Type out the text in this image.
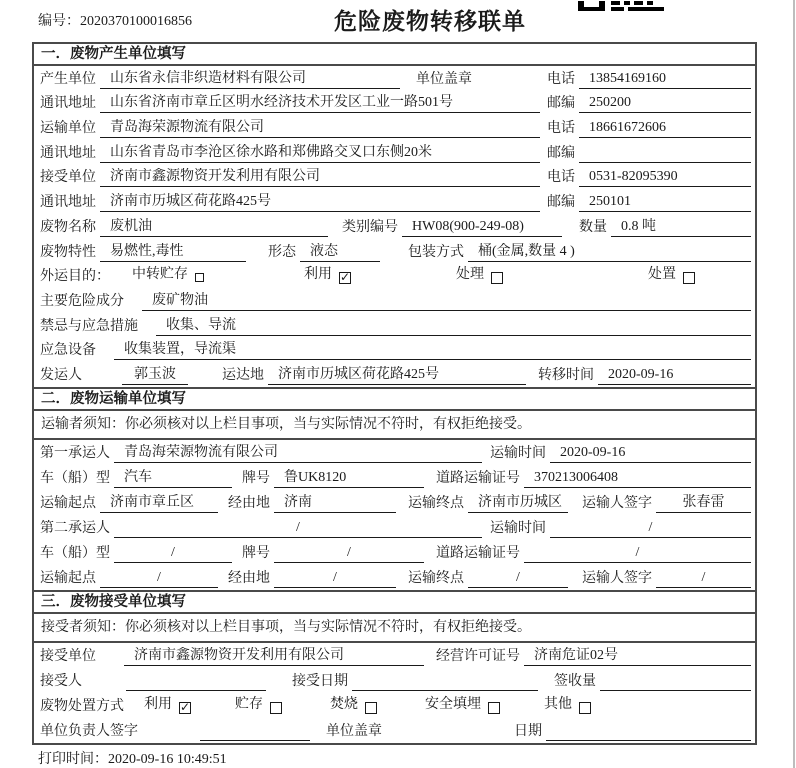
编号：2020370100016856	危险废物转移联单
一．废物产生单位填写
产生单位	山东省永信非织造材料有限公司	单位盖章	电话	13854169160
通讯地址	山东省济南市章丘区明水经济技术开发区工业一路501号	邮编	250200
运输单位	青岛海荣源物流有限公司	电话	18661672606
通讯地址	山东省青岛市李沧区徐水路和郑佛路交叉口东侧20米	邮编
接受单位	济南市鑫源物资开发利用有限公司	电话	0531-82095390
通讯地址	济南市历城区荷花路425号	邮编	250101
废物名称	废机油	类别编号	HW08(900-249-08)	数量	0.8 吨
废物特性	易燃性,毒性	形态	液态	包装方式	桶(金属,数量 4 )
外运目的：	中转贮存	利用 ✓	处理	处置
主要危险成分	废矿物油
禁忌与应急措施	收集、导流
应急设备	收集装置，导流渠
发运人	郭玉波	运达地	济南市历城区荷花路425号	转移时间	2020-09-16
二．废物运输单位填写
运输者须知：你必须核对以上栏目事项，当与实际情况不符时，有权拒绝接受。
第一承运人	青岛海荣源物流有限公司	运输时间	2020-09-16
车（船）型	汽车	牌号	鲁UK8120	道路运输证号	370213006408
运输起点	济南市章丘区	经由地	济南	运输终点	济南市历城区	运输人签字	张春雷
第二承运人	/	运输时间	/
车（船）型	/	牌号	/	道路运输证号	/
运输起点	/	经由地	/	运输终点	/	运输人签字	/
三．废物接受单位填写
接受者须知：你必须核对以上栏目事项，当与实际情况不符时，有权拒绝接受。
接受单位	济南市鑫源物资开发利用有限公司	经营许可证号	济南危证02号
接受人	接受日期	签收量
废物处置方式 利用 ✓	贮存	焚烧	安全填埋	其他
单位负责人签字	单位盖章	日期
打印时间：2020-09-16 10:49:51
